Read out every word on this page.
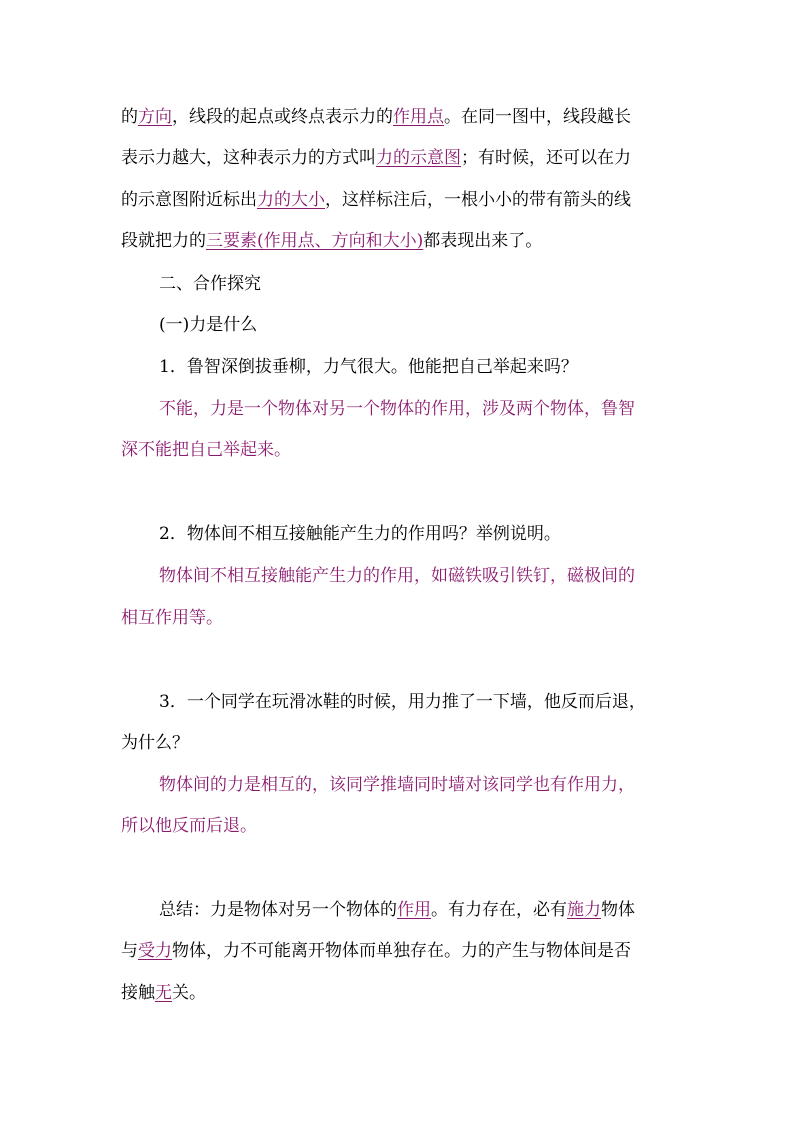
的方向，线段的起点或终点表示力的作用点。在同一图中，线段越长
表示力越大，这种表示力的方式叫力的示意图；有时候，还可以在力
的示意图附近标出力的大小，这样标注后，一根小小的带有箭头的线
段就把力的三要素(作用点、方向和大小)都表现出来了。
二、合作探究
(一)力是什么
1．鲁智深倒拔垂柳，力气很大。他能把自己举起来吗？
不能，力是一个物体对另一个物体的作用，涉及两个物体，鲁智
深不能把自己举起来。
2．物体间不相互接触能产生力的作用吗？举例说明。
物体间不相互接触能产生力的作用，如磁铁吸引铁钉，磁极间的
相互作用等。
3．一个同学在玩滑冰鞋的时候，用力推了一下墙，他反而后退，
为什么？
物体间的力是相互的，该同学推墙同时墙对该同学也有作用力，
所以他反而后退。
总结：力是物体对另一个物体的作用。有力存在，必有施力物体
与受力物体，力不可能离开物体而单独存在。力的产生与物体间是否
接触无关。
